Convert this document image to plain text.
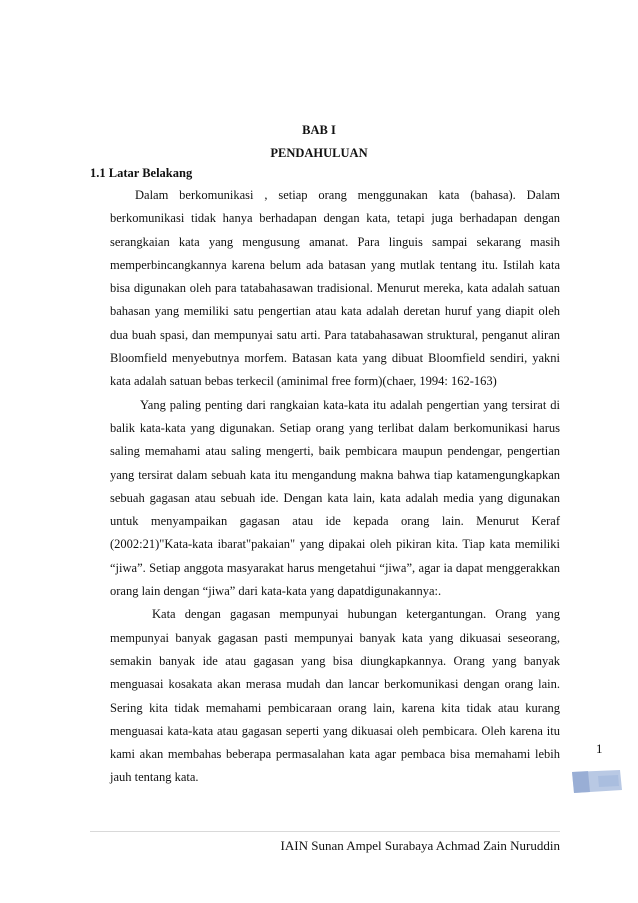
BAB I
PENDAHULUAN
1.1 Latar Belakang

Dalam berkomunikasi , setiap orang menggunakan kata (bahasa). Dalam berkomunikasi tidak hanya berhadapan dengan kata, tetapi juga berhadapan dengan serangkaian kata yang mengusung amanat. Para linguis sampai sekarang masih memperbincangkannya karena belum ada batasan yang mutlak tentang itu. Istilah kata bisa digunakan oleh para tatabahasawan tradisional. Menurut mereka, kata adalah satuan bahasan yang memiliki satu pengertian atau kata adalah deretan huruf yang diapit oleh dua buah spasi, dan mempunyai satu arti. Para tatabahasawan struktural, penganut aliran Bloomfield menyebutnya morfem. Batasan kata yang dibuat Bloomfield sendiri, yakni kata adalah satuan bebas terkecil (aminimal free form)(chaer, 1994: 162-163)

Yang paling penting dari rangkaian kata-kata itu adalah pengertian yang tersirat di balik kata-kata yang digunakan. Setiap orang yang terlibat dalam berkomunikasi harus saling memahami atau saling mengerti, baik pembicara maupun pendengar, pengertian yang tersirat dalam sebuah kata itu mengandung makna bahwa tiap katamengungkapkan sebuah gagasan atau sebuah ide. Dengan kata lain, kata adalah media yang digunakan untuk menyampaikan gagasan atau ide kepada orang lain. Menurut Keraf (2002:21)"Kata-kata ibarat"pakaian" yang dipakai oleh pikiran kita. Tiap kata memiliki “jiwa”. Setiap anggota masyarakat harus mengetahui “jiwa”, agar ia dapat menggerakkan orang lain dengan “jiwa” dari kata-kata yang dapatdigunakannya:.

Kata dengan gagasan mempunyai hubungan ketergantungan. Orang yang mempunyai banyak gagasan pasti mempunyai banyak kata yang dikuasai seseorang, semakin banyak ide atau gagasan yang bisa diungkapkannya. Orang yang banyak menguasai kosakata akan merasa mudah dan lancar berkomunikasi dengan orang lain. Sering kita tidak memahami pembicaraan orang lain, karena kita tidak atau kurang menguasai kata-kata atau gagasan seperti yang dikuasai oleh pembicara. Oleh karena itu kami akan membahas beberapa permasalahan kata agar pembaca bisa memahami lebih jauh tentang kata.

1
IAIN Sunan Ampel Surabaya Achmad Zain Nuruddin
